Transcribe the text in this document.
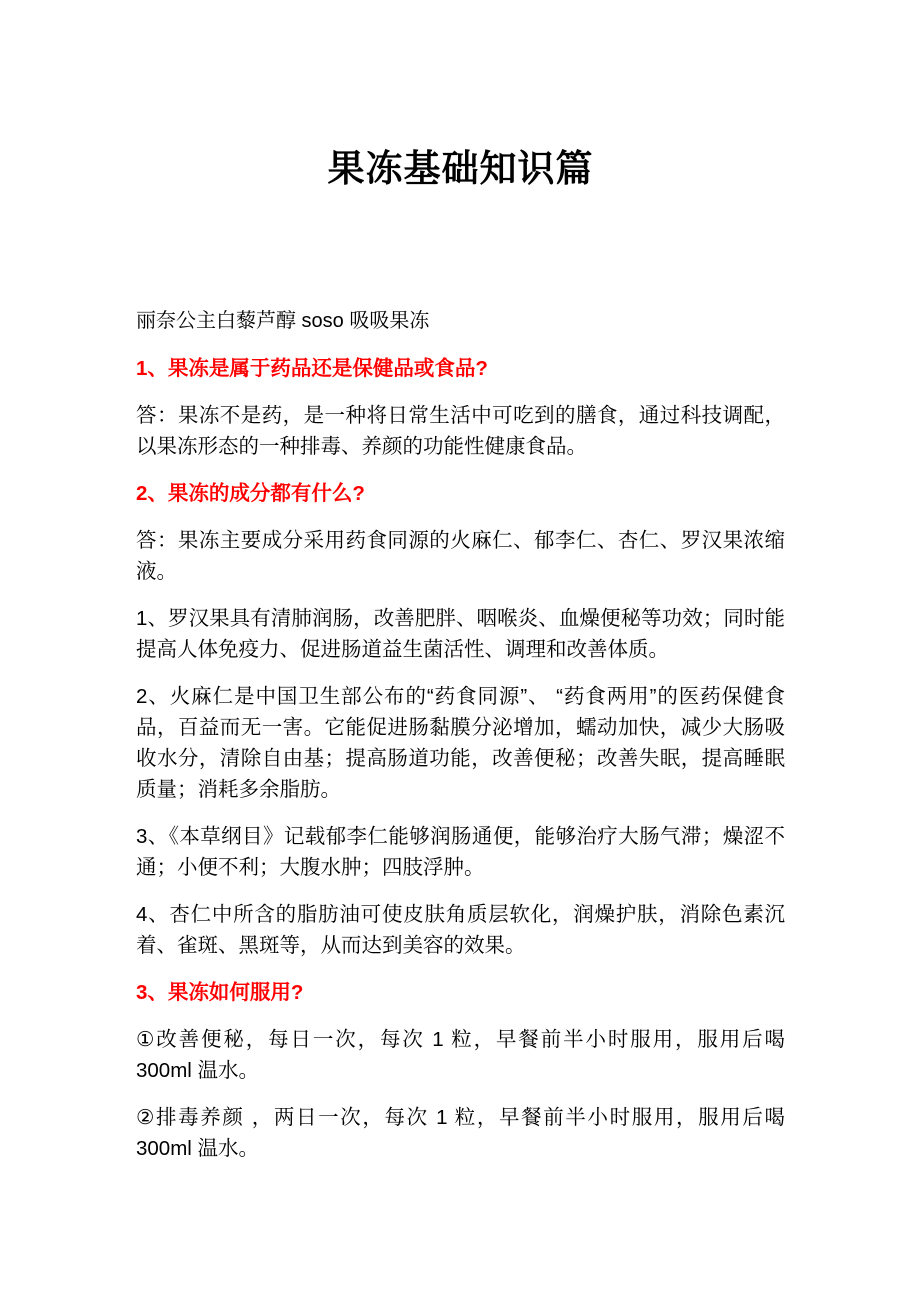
果冻基础知识篇

丽奈公主白藜芦醇 soso 吸吸果冻

1、果冻是属于药品还是保健品或食品?

答：果冻不是药，是一种将日常生活中可吃到的膳食，通过科技调配，以果冻形态的一种排毒、养颜的功能性健康食品。

2、果冻的成分都有什么?

答：果冻主要成分采用药食同源的火麻仁、郁李仁、杏仁、罗汉果浓缩液。

1、罗汉果具有清肺润肠，改善肥胖、咽喉炎、血燥便秘等功效；同时能提高人体免疫力、促进肠道益生菌活性、调理和改善体质。

2、火麻仁是中国卫生部公布的“药食同源”、 “药食两用”的医药保健食品，百益而无一害。它能促进肠黏膜分泌增加，蠕动加快，减少大肠吸收水分，清除自由基；提高肠道功能，改善便秘；改善失眠，提高睡眠质量；消耗多余脂肪。

3、《本草纲目》记载郁李仁能够润肠通便，能够治疗大肠气滞；燥涩不通；小便不利；大腹水肿；四肢浮肿。

4、杏仁中所含的脂肪油可使皮肤角质层软化，润燥护肤，消除色素沉着、雀斑、黑斑等，从而达到美容的效果。

3、果冻如何服用?

①改善便秘，每日一次，每次 1 粒，早餐前半小时服用，服用后喝 300ml 温水。

②排毒养颜 ，两日一次，每次 1 粒，早餐前半小时服用，服用后喝 300ml 温水。
